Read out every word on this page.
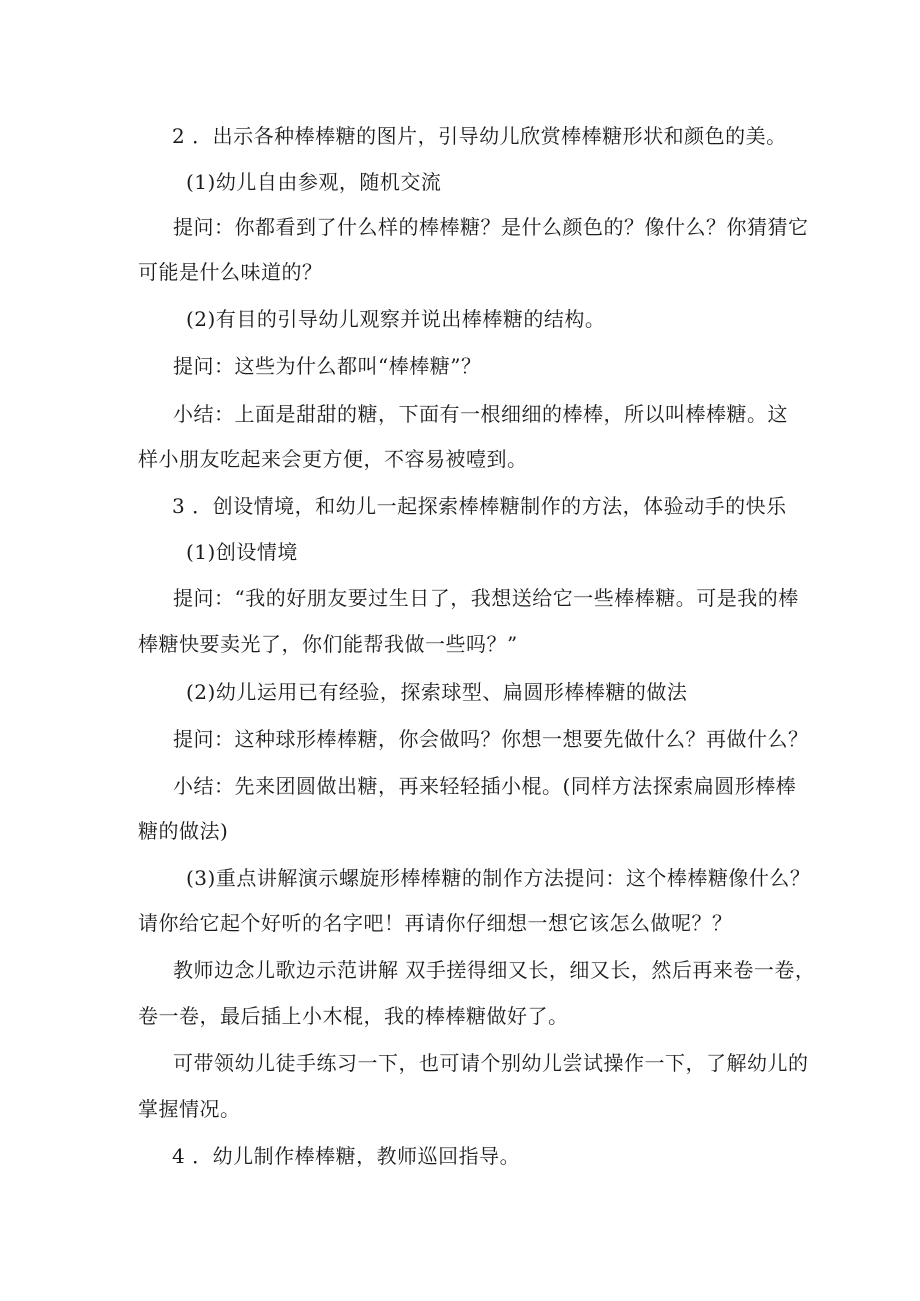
2 ．出示各种棒棒糖的图片，引导幼儿欣赏棒棒糖形状和颜色的美。
(1)幼儿自由参观，随机交流
提问：你都看到了什么样的棒棒糖？是什么颜色的？像什么？你猜猜它
可能是什么味道的？
(2)有目的引导幼儿观察并说出棒棒糖的结构。
提问：这些为什么都叫“棒棒糖”？
小结：上面是甜甜的糖，下面有一根细细的棒棒，所以叫棒棒糖。这
样小朋友吃起来会更方便，不容易被噎到。
3 ．创设情境，和幼儿一起探索棒棒糖制作的方法，体验动手的快乐
(1)创设情境
提问：“我的好朋友要过生日了，我想送给它一些棒棒糖。可是我的棒
棒糖快要卖光了，你们能帮我做一些吗？”
(2)幼儿运用已有经验，探索球型、扁圆形棒棒糖的做法
提问：这种球形棒棒糖，你会做吗？你想一想要先做什么？再做什么？
小结：先来团圆做出糖，再来轻轻插小棍。(同样方法探索扁圆形棒棒
糖的做法)
(3)重点讲解演示螺旋形棒棒糖的制作方法提问：这个棒棒糖像什么？
请你给它起个好听的名字吧！再请你仔细想一想它该怎么做呢？？
教师边念儿歌边示范讲解 双手搓得细又长，细又长，然后再来卷一卷，
卷一卷，最后插上小木棍，我的棒棒糖做好了。
可带领幼儿徒手练习一下，也可请个别幼儿尝试操作一下，了解幼儿的
掌握情况。
4 ．幼儿制作棒棒糖，教师巡回指导。
